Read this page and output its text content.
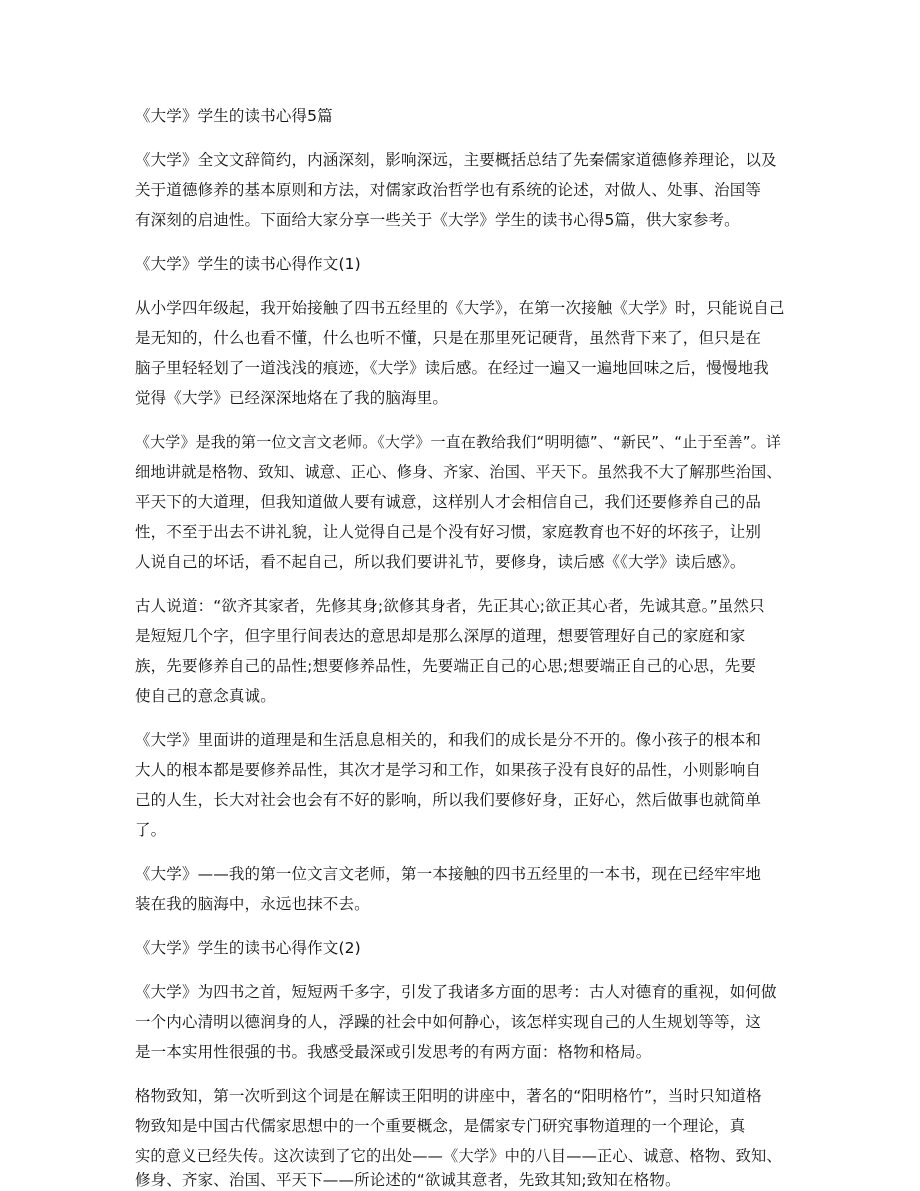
《大学》学生的读书心得5篇
《大学》全文文辞简约，内涵深刻，影响深远，主要概括总结了先秦儒家道德修养理论，以及
关于道德修养的基本原则和方法，对儒家政治哲学也有系统的论述，对做人、处事、治国等
有深刻的启迪性。下面给大家分享一些关于《大学》学生的读书心得5篇，供大家参考。
《大学》学生的读书心得作文(1)
从小学四年级起，我开始接触了四书五经里的《大学》，在第一次接触《大学》时，只能说自己
是无知的，什么也看不懂，什么也听不懂，只是在那里死记硬背，虽然背下来了，但只是在
脑子里轻轻划了一道浅浅的痕迹，《大学》读后感。在经过一遍又一遍地回味之后，慢慢地我
觉得《大学》已经深深地烙在了我的脑海里。
《大学》是我的第一位文言文老师。《大学》一直在教给我们“明明德”、“新民”、“止于至善”。详
细地讲就是格物、致知、诚意、正心、修身、齐家、治国、平天下。虽然我不大了解那些治国、
平天下的大道理，但我知道做人要有诚意，这样别人才会相信自己，我们还要修养自己的品
性，不至于出去不讲礼貌，让人觉得自己是个没有好习惯，家庭教育也不好的坏孩子，让别
人说自己的坏话，看不起自己，所以我们要讲礼节，要修身，读后感《《大学》读后感》。
古人说道：“欲齐其家者，先修其身;欲修其身者，先正其心;欲正其心者，先诚其意。”虽然只
是短短几个字，但字里行间表达的意思却是那么深厚的道理，想要管理好自己的家庭和家
族，先要修养自己的品性;想要修养品性，先要端正自己的心思;想要端正自己的心思，先要
使自己的意念真诚。
《大学》里面讲的道理是和生活息息相关的，和我们的成长是分不开的。像小孩子的根本和
大人的根本都是要修养品性，其次才是学习和工作，如果孩子没有良好的品性，小则影响自
己的人生，长大对社会也会有不好的影响，所以我们要修好身，正好心，然后做事也就简单
了。
《大学》——我的第一位文言文老师，第一本接触的四书五经里的一本书，现在已经牢牢地
装在我的脑海中，永远也抹不去。
《大学》学生的读书心得作文(2)
《大学》为四书之首，短短两千多字，引发了我诸多方面的思考：古人对德育的重视，如何做
一个内心清明以德润身的人，浮躁的社会中如何静心，该怎样实现自己的人生规划等等，这
是一本实用性很强的书。我感受最深或引发思考的有两方面：格物和格局。
格物致知，第一次听到这个词是在解读王阳明的讲座中，著名的“阳明格竹”，当时只知道格
物致知是中国古代儒家思想中的一个重要概念，是儒家专门研究事物道理的一个理论，真
实的意义已经失传。这次读到了它的出处——《大学》中的八目——正心、诚意、格物、致知、
修身、齐家、治国、平天下——所论述的“欲诚其意者，先致其知;致知在格物。
